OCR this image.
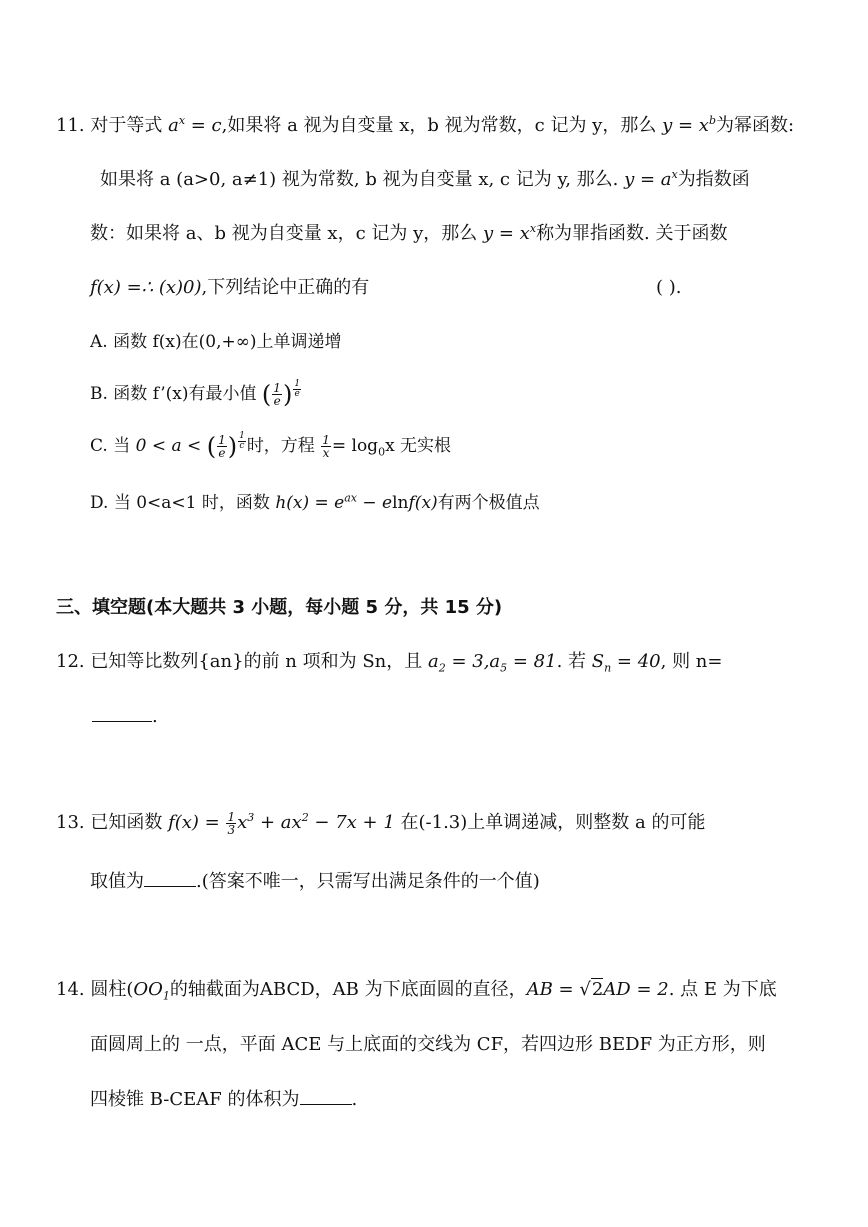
11. 对于等式 $a^x = c$,如果将 a 视为自变量 x，b 视为常数，c 记为 y，那么 $y = x^b$为幂函数:
如果将 a (a>0, a≠1) 视为常数, b 视为自变量 x, c 记为 y, 那么. $y = a^x$为指数函
数：如果将 a、b 视为自变量 x，c 记为 y，那么 $y = x^x$称为罪指函数. 关于函数
f(x) =∴ (x)0),下列结论中正确的有	( ).
A. 函数 f(x)在(0,+∞)上单调递增
B. 函数 f’(x)有最小值 ( $\frac{1}{e}$ ) $^{\frac{1}{e}}$
C. 当 0 < a < ( $\frac{1}{e}$ ) $^{\frac{1}{c}}$ 时，方程 $\frac{1}{x} = \log_0x$ 无实根
D. 当 0<a<1 时，函数 $h(x) = e^{ax} - elnf(x)$有两个极值点
三、填空题(本大题共 3 小题，每小题 5 分，共 15 分)
12. 已知等比数列{an}的前 n 项和为 Sn，且 $a_2 = 3,a_5 = 81$. 若 $S_n = 40$, 则 n=
.
13. 已知函数 $f(x) = \frac{1}{3} x^3 + ax^2 - 7x + 1$ 在(-1.3)上单调递减，则整数 a 的可能
取值为	.(答案不唯一，只需写出满足条件的一个值)
14. 圆柱($OO_1$的轴截面为ABCD，AB 为下底面圆的直径，AB = √2AD = 2. 点 E 为下底
面圆周上的 一点，平面 ACE 与上底面的交线为 CF，若四边形 BEDF 为正方形，则
四棱锥 B-CEAF 的体积为	.
